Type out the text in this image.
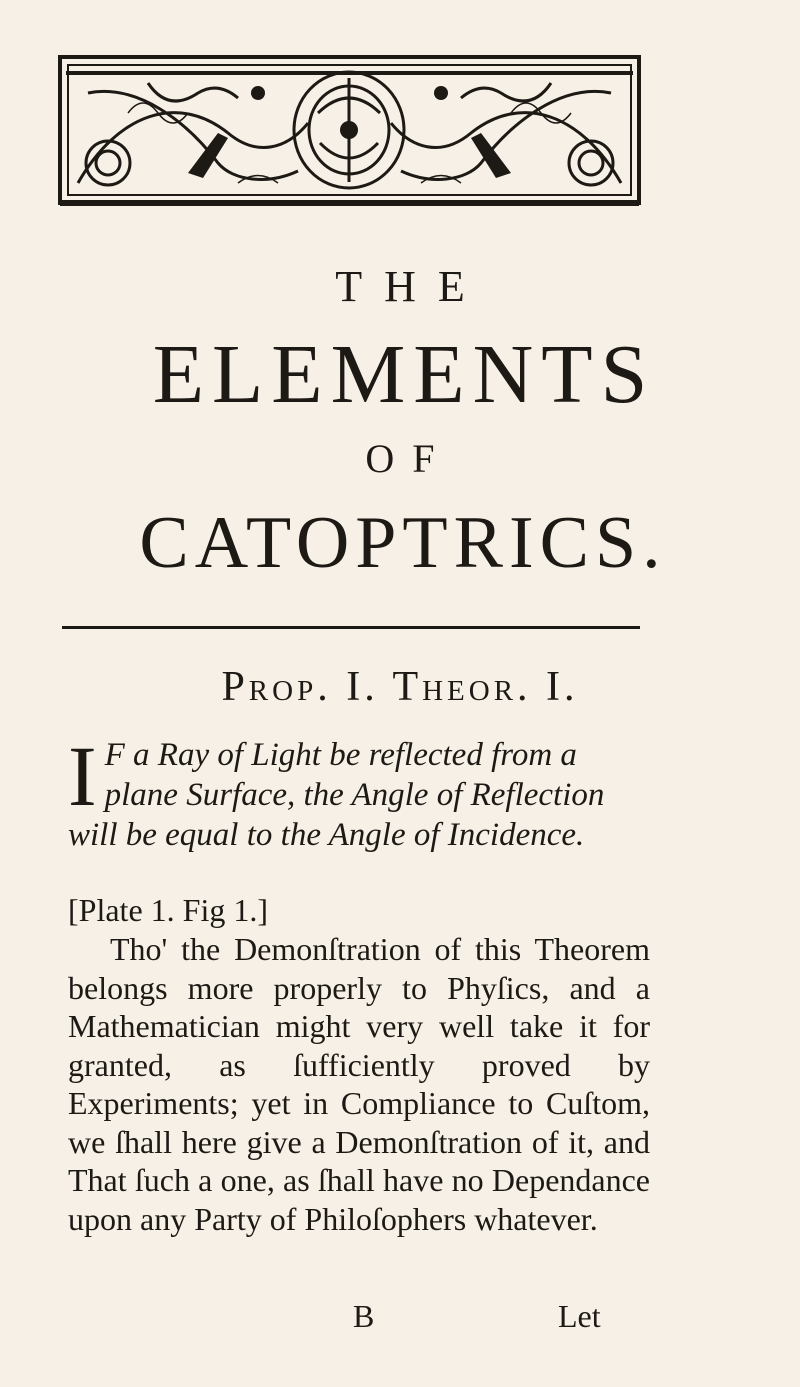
THE
ELEMENTS
OF
CATOPTRICS.
Prop. I. Theor. I.

I F a Ray of Light be reflected from a plane Surface, the Angle of Reflection will be equal to the Angle of Incidence.

[Plate 1. Fig 1.]

Tho' the Demonſtration of this Theorem belongs more properly to Phyſics, and a Mathematician might very well take it for granted, as ſufficiently proved by Experiments; yet in Compliance to Cuſtom, we ſhall here give a Demonſtration of it, and That ſuch a one, as ſhall have no Dependance upon any Party of Philoſophers whatever.

B	Let
